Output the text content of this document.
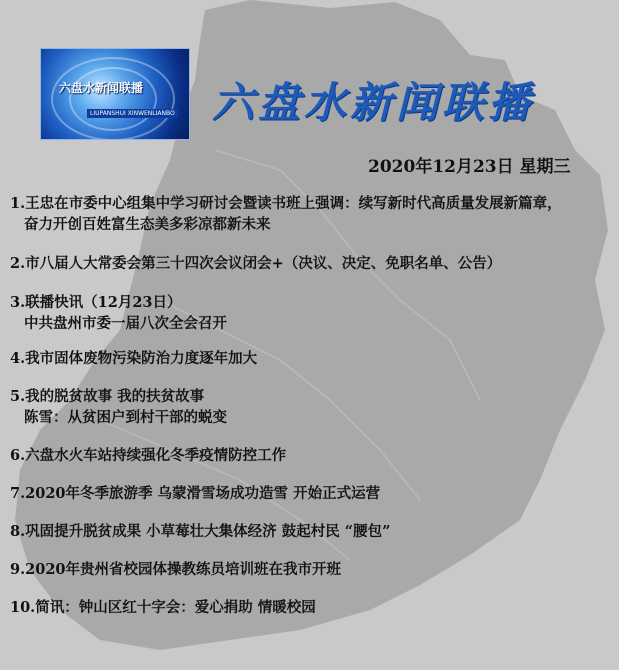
六盘水新闻联播
LIUPANSHUI XINWENLIANBO 六盘水新闻联播
2020年12月23日 星期三
1.王忠在市委中心组集中学习研讨会暨读书班上强调：续写新时代高质量发展新篇章，
奋力开创百姓富生态美多彩凉都新未来
2.市八届人大常委会第三十四次会议闭会+（决议、决定、免职名单、公告）
3.联播快讯（12月23日）
中共盘州市委一届八次全会召开
4.我市固体废物污染防治力度逐年加大
5.我的脱贫故事 我的扶贫故事
陈雪：从贫困户到村干部的蜕变
6.六盘水火车站持续强化冬季疫情防控工作
7.2020年冬季旅游季 乌蒙滑雪场成功造雪 开始正式运营
8.巩固提升脱贫成果 小草莓壮大集体经济 鼓起村民 “腰包”
9.2020年贵州省校园体操教练员培训班在我市开班
10.简讯：钟山区红十字会：爱心捐助 情暖校园
